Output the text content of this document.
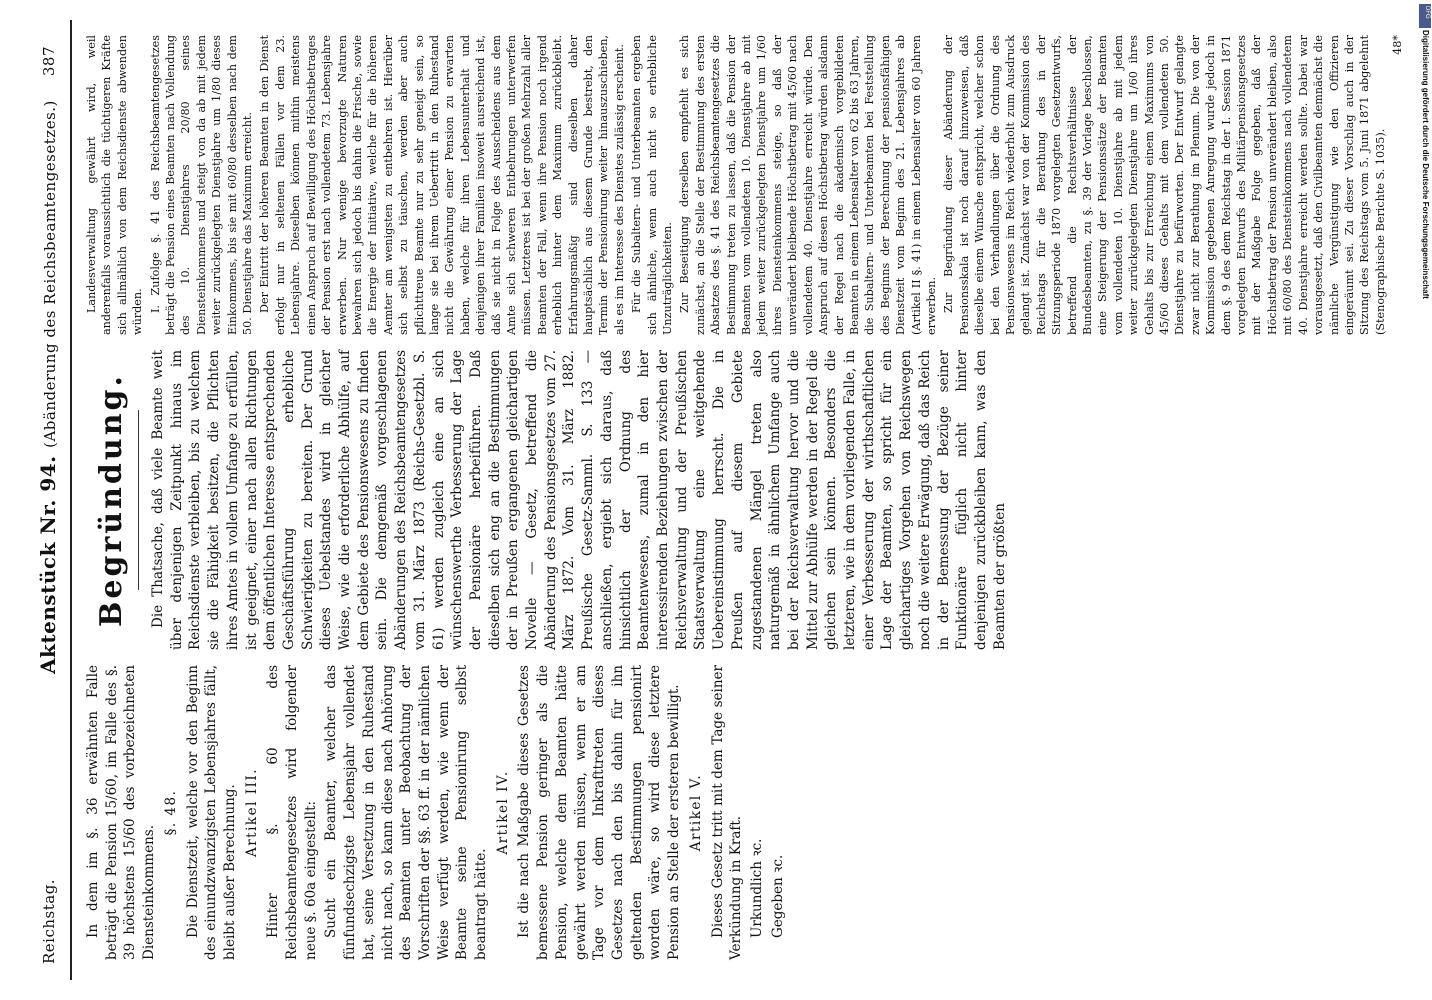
Reichstag.
Aktenstück Nr. 94. (Abänderung des Reichsbeamtengesetzes.)
387

In dem im §. 36 erwähnten Falle beträgt die Pension 15/60, im Falle des §. 39 höchstens 15/60 des vorbezeichneten Diensteinkommens.

§. 48. Die Dienstzeit, welche vor den Beginn des einundzwanzigsten Lebensjahres fällt, bleibt außer Berechnung. Artikel III. Hinter §. 60 des Reichsbeamtengesetzes wird folgender neue §. 60a eingestellt: Sucht ein Beamter, welcher das fünfundsechzigste Lebensjahr vollendet hat, seine Versetzung in den Ruhestand nicht nach, so kann diese nach Anhörung des Beamten unter Beobachtung der Vorschriften der §§. 63 ff. in der nämlichen Weise verfügt werden, wie wenn der Beamte seine Pensionirung selbst beantragt hätte.

Artikel IV. Ist die nach Maßgabe dieses Gesetzes bemessene Pension geringer als die Pension, welche dem Beamten hätte gewährt werden müssen, wenn er am Tage vor dem Inkrafttreten dieses Gesetzes nach den bis dahin für ihn geltenden Bestimmungen pensionirt worden wäre, so wird diese letztere Pension an Stelle der ersteren bewilligt. Artikel V. Dieses Gesetz tritt mit dem Tage seiner Verkündung in Kraft. Urkundlich ꝛc. Gegeben ꝛc.

Begründung. Die Thatsache, daß viele Beamte weit über denjenigen Zeitpunkt hinaus im Reichsdienste verbleiben, bis zu welchem sie die Fähigkeit besitzen, die Pflichten ihres Amtes in vollem Umfange zu erfüllen, ist geeignet, einer nach allen Richtungen dem öffentlichen Interesse entsprechenden Geschäftsführung erhebliche Schwierigkeiten zu bereiten. Der Grund dieses Uebelstandes wird in gleicher Weise, wie die erforderliche Abhülfe, auf dem Gebiete des Pensionswesens zu finden sein. Die demgemäß vorgeschlagenen Abänderungen des Reichsbeamtengesetzes vom 31. März 1873 (Reichs-Gesetzbl. S. 61) werden zugleich eine an sich wünschenswerthe Verbesserung der Lage der Pensionäre herbeiführen. Daß dieselben sich eng an die Bestimmungen der in Preußen ergangenen gleichartigen Novelle — Gesetz, betreffend die Abänderung des Pensionsgesetzes vom 27. März 1872. Vom 31. März 1882. Preußische Gesetz-Samml. S. 133 — anschließen, ergiebt sich daraus, daß hinsichtlich der Ordnung des Beamtenwesens, zumal in den hier interessirenden Beziehungen zwischen der Reichsverwaltung und der Preußischen Staatsverwaltung eine weitgehende Uebereinstimmung herrscht. Die in Preußen auf diesem Gebiete zugestandenen Mängel treten also naturgemäß in ähnlichem Umfange auch bei der Reichsverwaltung hervor und die Mittel zur Abhülfe werden in der Regel die gleichen sein können. Besonders die letzteren, wie in dem vorliegenden Falle, in einer Verbesserung der wirthschaftlichen Lage der Beamten, so spricht für ein gleichartiges Vorgehen von Reichswegen noch die weitere Erwägung, daß das Reich in der Bemessung der Bezüge seiner Funktionäre füglich nicht hinter denjenigen zurückbleiben kann, was den Beamten der größten

Landesverwaltung gewährt wird, weil anderenfalls voraussichtlich die tüchtigeren Kräfte sich allmählich von dem Reichsdienste abwenden würden. I. Zufolge §. 41 des Reichsbeamtengesetzes beträgt die Pension eines Beamten nach Vollendung des 10. Dienstjahres 20/80 seines Diensteinkommens und steigt von da ab mit jedem weiter zurückgelegten Dienstjahre um 1/80 dieses Einkommens, bis sie mit 60/80 desselben nach dem 50. Dienstjahre das Maximum erreicht. Der Eintritt der höheren Beamten in den Dienst erfolgt nur in seltenen Fällen vor dem 23. Lebensjahre. Dieselben können mithin meistens einen Anspruch auf Bewilligung des Höchstbetrages der Pension erst nach vollendetem 73. Lebensjahre erwerben. Nur wenige bevorzugte Naturen bewahren sich jedoch bis dahin die Frische, sowie die Energie der Initiative, welche für die höheren Aemter am wenigsten zu entbehren ist. Hierüber sich selbst zu täuschen, werden aber auch pflichttreue Beamte nur zu sehr geneigt sein, so lange sie bei ihrem Uebertritt in den Ruhestand nicht die Gewährung einer Pension zu erwarten haben, welche für ihren Lebensunterhalt und denjenigen ihrer Familien insoweit ausreichend ist, daß sie nicht in Folge des Ausscheidens aus dem Amte sich schweren Entbehrungen unterwerfen müssen. Letzteres ist bei der großen Mehrzahl aller Beamten der Fall, wenn ihre Pension noch irgend erheblich hinter dem Maximum zurückbleibt. Erfahrungsmäßig sind dieselben daher hauptsächlich aus diesem Grunde bestrebt, den Termin der Pensionirung weiter hinauszuschieben, als es im Interesse des Dienstes zulässig erscheint. Für die Subaltern- und Unterbeamten ergeben sich ähnliche, wenn auch nicht so erhebliche Unzuträglichkeiten. Zur Beseitigung derselben empfiehlt es sich zunächst, an die Stelle der Bestimmung des ersten Absatzes des §. 41 des Reichsbeamtengesetzes die Bestimmung treten zu lassen, daß die Pension der Beamten vom vollendeten 10. Dienstjahre ab mit jedem weiter zurückgelegten Dienstjahre um 1/60 ihres Diensteinkommens steige, so daß der unverändert bleibende Höchstbetrag mit 45/60 nach vollendetem 40. Dienstjahre erreicht würde. Den Anspruch auf diesen Höchstbetrag würden alsdann der Regel nach die akademisch vorgebildeten Beamten in einem Lebensalter von 62 bis 63 Jahren, die Subaltern- und Unterbeamten bei Feststellung des Beginns der Berechnung der pensionsfähigen Dienstzeit vom Beginn des 21. Lebensjahres ab (Artikel II §. 41) in einem Lebensalter von 60 Jahren erwerben. Zur Begründung dieser Abänderung der Pensionsskala ist noch darauf hinzuweisen, daß dieselbe einem Wunsche entspricht, welcher schon bei den Verhandlungen über die Ordnung des Pensionswesens im Reich wiederholt zum Ausdruck gelangt ist. Zunächst war von der Kommission des Reichstags für die Berathung des in der Sitzungsperiode 1870 vorgelegten Gesetzentwurfs, betreffend die Rechtsverhältnisse der Bundesbeamten, zu §. 39 der Vorlage beschlossen, eine Steigerung der Pensionssätze der Beamten vom vollendeten 10. Dienstjahre ab mit jedem weiter zurückgelegten Dienstjahre um 1/60 ihres Gehalts bis zur Erreichung einem Maximums von 45/60 dieses Gehalts mit dem vollendeten 50. Dienstjahre zu befürworten. Der Entwurf gelangte zwar nicht zur Berathung im Plenum. Die von der Kommission gegebenen Anregung wurde jedoch in dem §. 9 des dem Reichstag in der I. Session 1871 vorgelegten Entwurfs des Militärpensionsgesetzes mit der Maßgabe Folge gegeben, daß der Höchstbetrag der Pension unverändert bleiben, also mit 60/80 des Diensteinkommens nach vollendetem 40. Dienstjahre erreicht werden sollte. Dabei war vorausgesetzt, daß den Civilbeamten demnächst die nämliche Vergünstigung wie den Offizieren eingeräumt sei. Zu dieser Vorschlag auch in der Sitzung des Reichstags vom 5. Juni 1871 abgelehnt (Stenographische Berichte S. 1035).

48* Digitalisierung gefördert durch die Deutsche Forschungsgemeinschaft
DFG
